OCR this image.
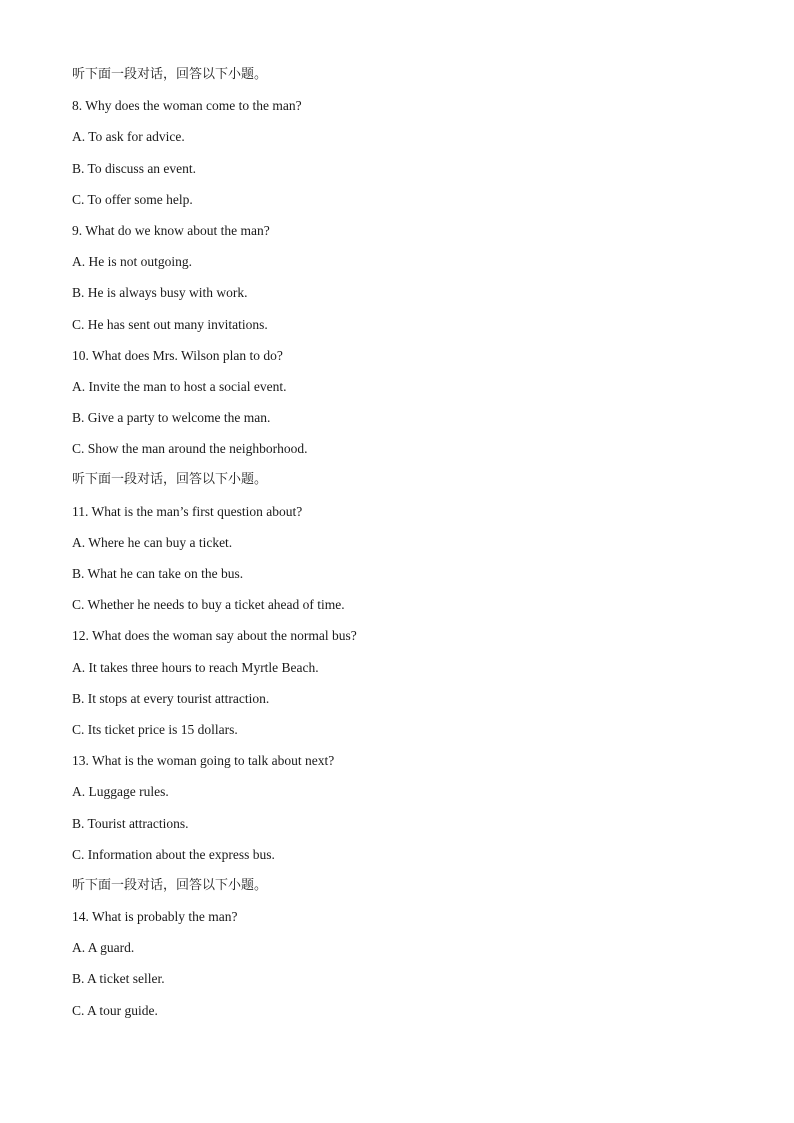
听下面一段对话，回答以下小题。
8. Why does the woman come to the man?
A. To ask for advice.
B. To discuss an event.
C. To offer some help.
9. What do we know about the man?
A. He is not outgoing.
B. He is always busy with work.
C. He has sent out many invitations.
10. What does Mrs. Wilson plan to do?
A. Invite the man to host a social event.
B. Give a party to welcome the man.
C. Show the man around the neighborhood.
听下面一段对话，回答以下小题。
11. What is the man’s first question about?
A. Where he can buy a ticket.
B. What he can take on the bus.
C. Whether he needs to buy a ticket ahead of time.
12. What does the woman say about the normal bus?
A. It takes three hours to reach Myrtle Beach.
B. It stops at every tourist attraction.
C. Its ticket price is 15 dollars.
13. What is the woman going to talk about next?
A. Luggage rules.
B. Tourist attractions.
C. Information about the express bus.
听下面一段对话，回答以下小题。
14. What is probably the man?
A. A guard.
B. A ticket seller.
C. A tour guide.
